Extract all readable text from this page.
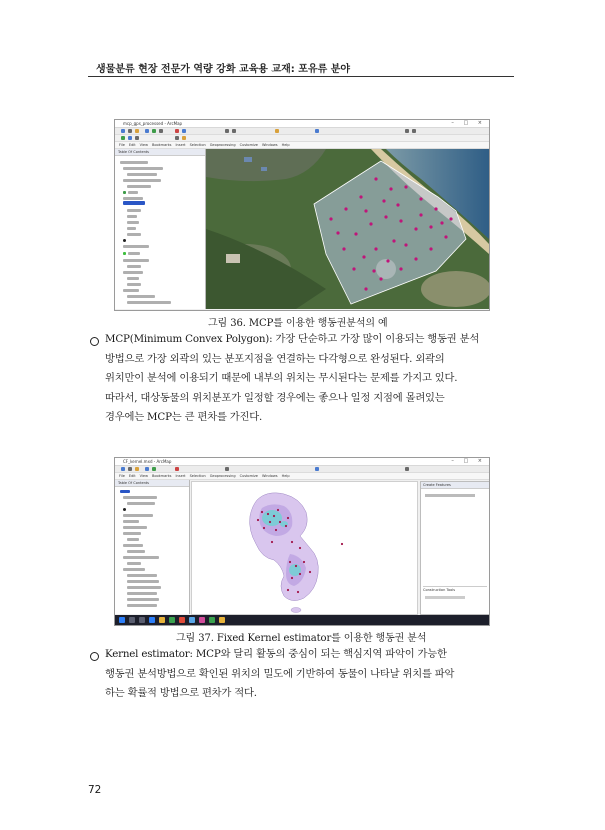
생물분류 현장 전문가 역량 강화 교육용 교재: 포유류 분야
mcp_gps_processed - ArcMap	– □ ×
File Edit View Bookmarks Insert Selection Geoprocessing Customize Windows Help
Table Of Contents
그림 36. MCP를 이용한 행동권분석의 예
MCP(Minimum Convex Polygon): 가장 단순하고 가장 많이 이용되는 행동권 분석
방법으로 가장 외곽의 있는 분포지점을 연결하는 다각형으로 완성된다. 외곽의
위치만이 분석에 이용되기 때문에 내부의 위치는 무시된다는 문제를 가지고 있다.
따라서, 대상동물의 위치분포가 일정할 경우에는 좋으나 일정 지점에 몰려있는
경우에는 MCP는 큰 편차를 가진다.
CF_kernel.mxd - ArcMap	– □ ×
File Edit View Bookmarks Insert Selection Geoprocessing Customize Windows Help
Table Of Contents	Create Features
Construction Tools
그림 37. Fixed Kernel estimator를 이용한 행동권 분석
Kernel estimator: MCP와 달리 활동의 중심이 되는 핵심지역 파악이 가능한
행동권 분석방법으로 확인된 위치의 밀도에 기반하여 동물이 나타날 위치를 파악
하는 확률적 방법으로 편차가 적다.
72
